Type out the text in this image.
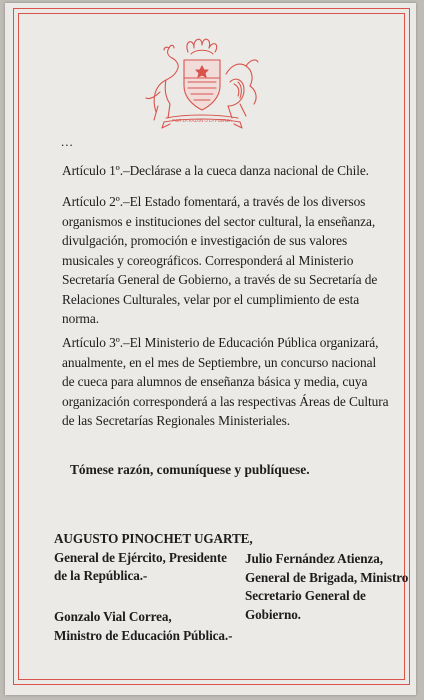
POR LA RAZON O LA FUERZA
...
Artículo 1º.–Declárase a la cueca danza nacional de Chile.
Artículo 2º.–El Estado fomentará, a través de los diversos
organismos e instituciones del sector cultural, la enseñanza,
divulgación, promoción e investigación de sus valores
musicales y coreográficos. Corresponderá al Ministerio
Secretaría General de Gobierno, a través de su Secretaría de
Relaciones Culturales, velar por el cumplimiento de esta
norma.
Artículo 3º.–El Ministerio de Educación Pública organizará,
anualmente, en el mes de Septiembre, un concurso nacional
de cueca para alumnos de enseñanza básica y media, cuya
organización corresponderá a las respectivas Áreas de Cultura
de las Secretarías Regionales Ministeriales.
Tómese razón, comuníquese y publíquese.
AUGUSTO PINOCHET UGARTE,
General de Ejército, Presidente
de la República.-
Gonzalo Vial Correa,
Ministro de Educación Pública.-
Julio Fernández Atienza,
General de Brigada, Ministro
Secretario General de
Gobierno.
